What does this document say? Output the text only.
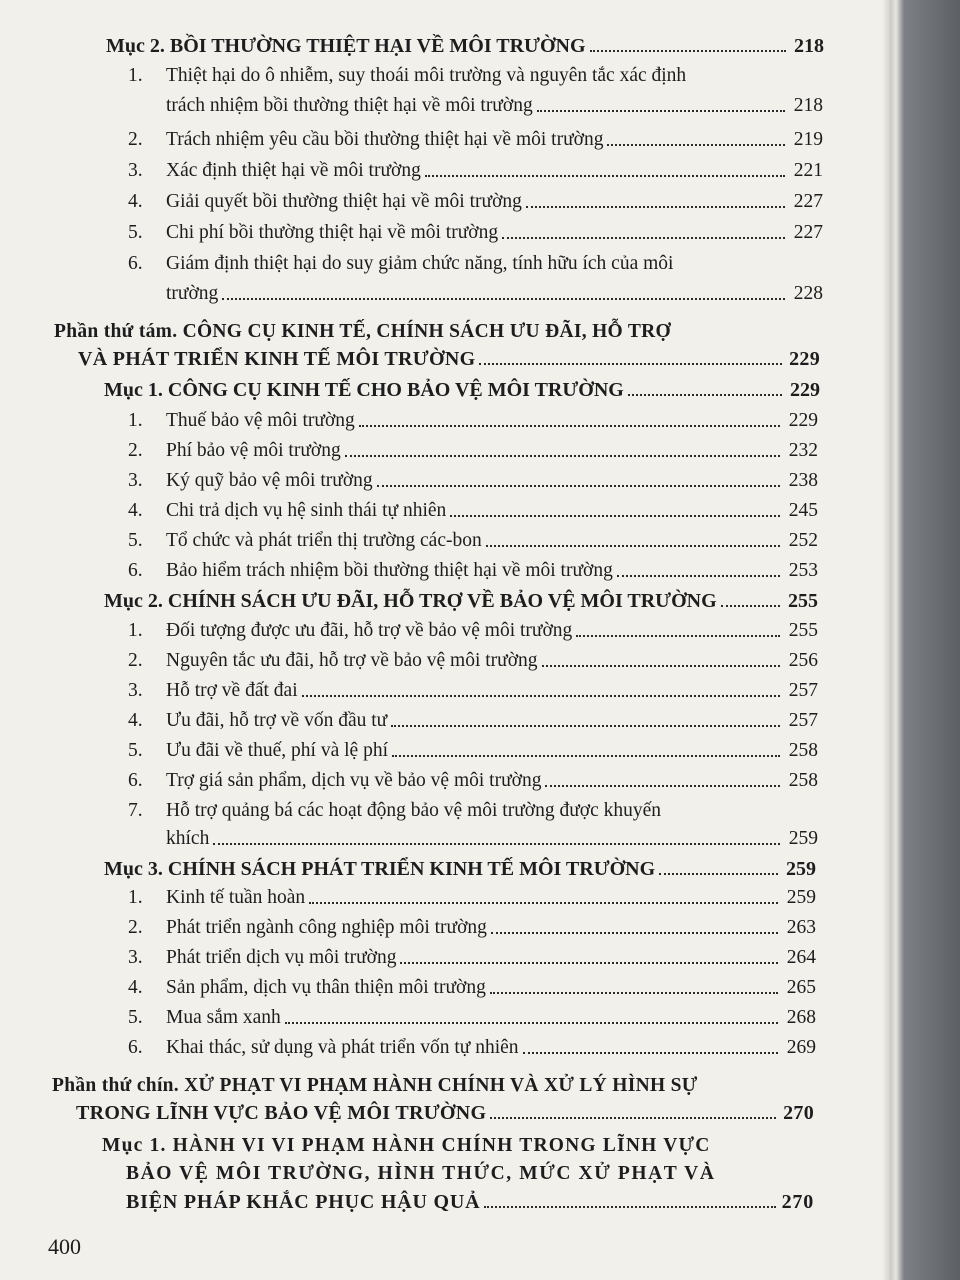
Mục 2. BỒI THƯỜNG THIỆT HẠI VỀ MÔI TRƯỜNG	218
1.	Thiệt hại do ô nhiễm, suy thoái môi trường và nguyên tắc xác định
trách nhiệm bồi thường thiệt hại về môi trường	218
2.	Trách nhiệm yêu cầu bồi thường thiệt hại về môi trường	219
3.	Xác định thiệt hại về môi trường	221
4.	Giải quyết bồi thường thiệt hại về môi trường	227
5.	Chi phí bồi thường thiệt hại về môi trường	227
6.	Giám định thiệt hại do suy giảm chức năng, tính hữu ích của môi
trường	228
Phần thứ tám. CÔNG CỤ KINH TẾ, CHÍNH SÁCH ƯU ĐÃI, HỖ TRỢ
VÀ PHÁT TRIỂN KINH TẾ MÔI TRƯỜNG	229
Mục 1. CÔNG CỤ KINH TẾ CHO BẢO VỆ MÔI TRƯỜNG	229
1.	Thuế bảo vệ môi trường	229
2.	Phí bảo vệ môi trường	232
3.	Ký quỹ bảo vệ môi trường	238
4.	Chi trả dịch vụ hệ sinh thái tự nhiên	245
5.	Tổ chức và phát triển thị trường các-bon	252
6.	Bảo hiểm trách nhiệm bồi thường thiệt hại về môi trường	253
Mục 2. CHÍNH SÁCH ƯU ĐÃI, HỖ TRỢ VỀ BẢO VỆ MÔI TRƯỜNG	255
1.	Đối tượng được ưu đãi, hỗ trợ về bảo vệ môi trường	255
2.	Nguyên tắc ưu đãi, hỗ trợ về bảo vệ môi trường	256
3.	Hỗ trợ về đất đai	257
4.	Ưu đãi, hỗ trợ về vốn đầu tư	257
5.	Ưu đãi về thuế, phí và lệ phí	258
6.	Trợ giá sản phẩm, dịch vụ về bảo vệ môi trường	258
7.	Hỗ trợ quảng bá các hoạt động bảo vệ môi trường được khuyến
khích	259
Mục 3. CHÍNH SÁCH PHÁT TRIỂN KINH TẾ MÔI TRƯỜNG	259
1.	Kinh tế tuần hoàn	259
2.	Phát triển ngành công nghiệp môi trường	263
3.	Phát triển dịch vụ môi trường	264
4.	Sản phẩm, dịch vụ thân thiện môi trường	265
5.	Mua sắm xanh	268
6.	Khai thác, sử dụng và phát triển vốn tự nhiên	269
Phần thứ chín. XỬ PHẠT VI PHẠM HÀNH CHÍNH VÀ XỬ LÝ HÌNH SỰ
TRONG LĨNH VỰC BẢO VỆ MÔI TRƯỜNG	270
Mục 1. HÀNH VI VI PHẠM HÀNH CHÍNH TRONG LĨNH VỰC
BẢO VỆ MÔI TRƯỜNG, HÌNH THỨC, MỨC XỬ PHẠT VÀ
BIỆN PHÁP KHẮC PHỤC HẬU QUẢ	270
400
